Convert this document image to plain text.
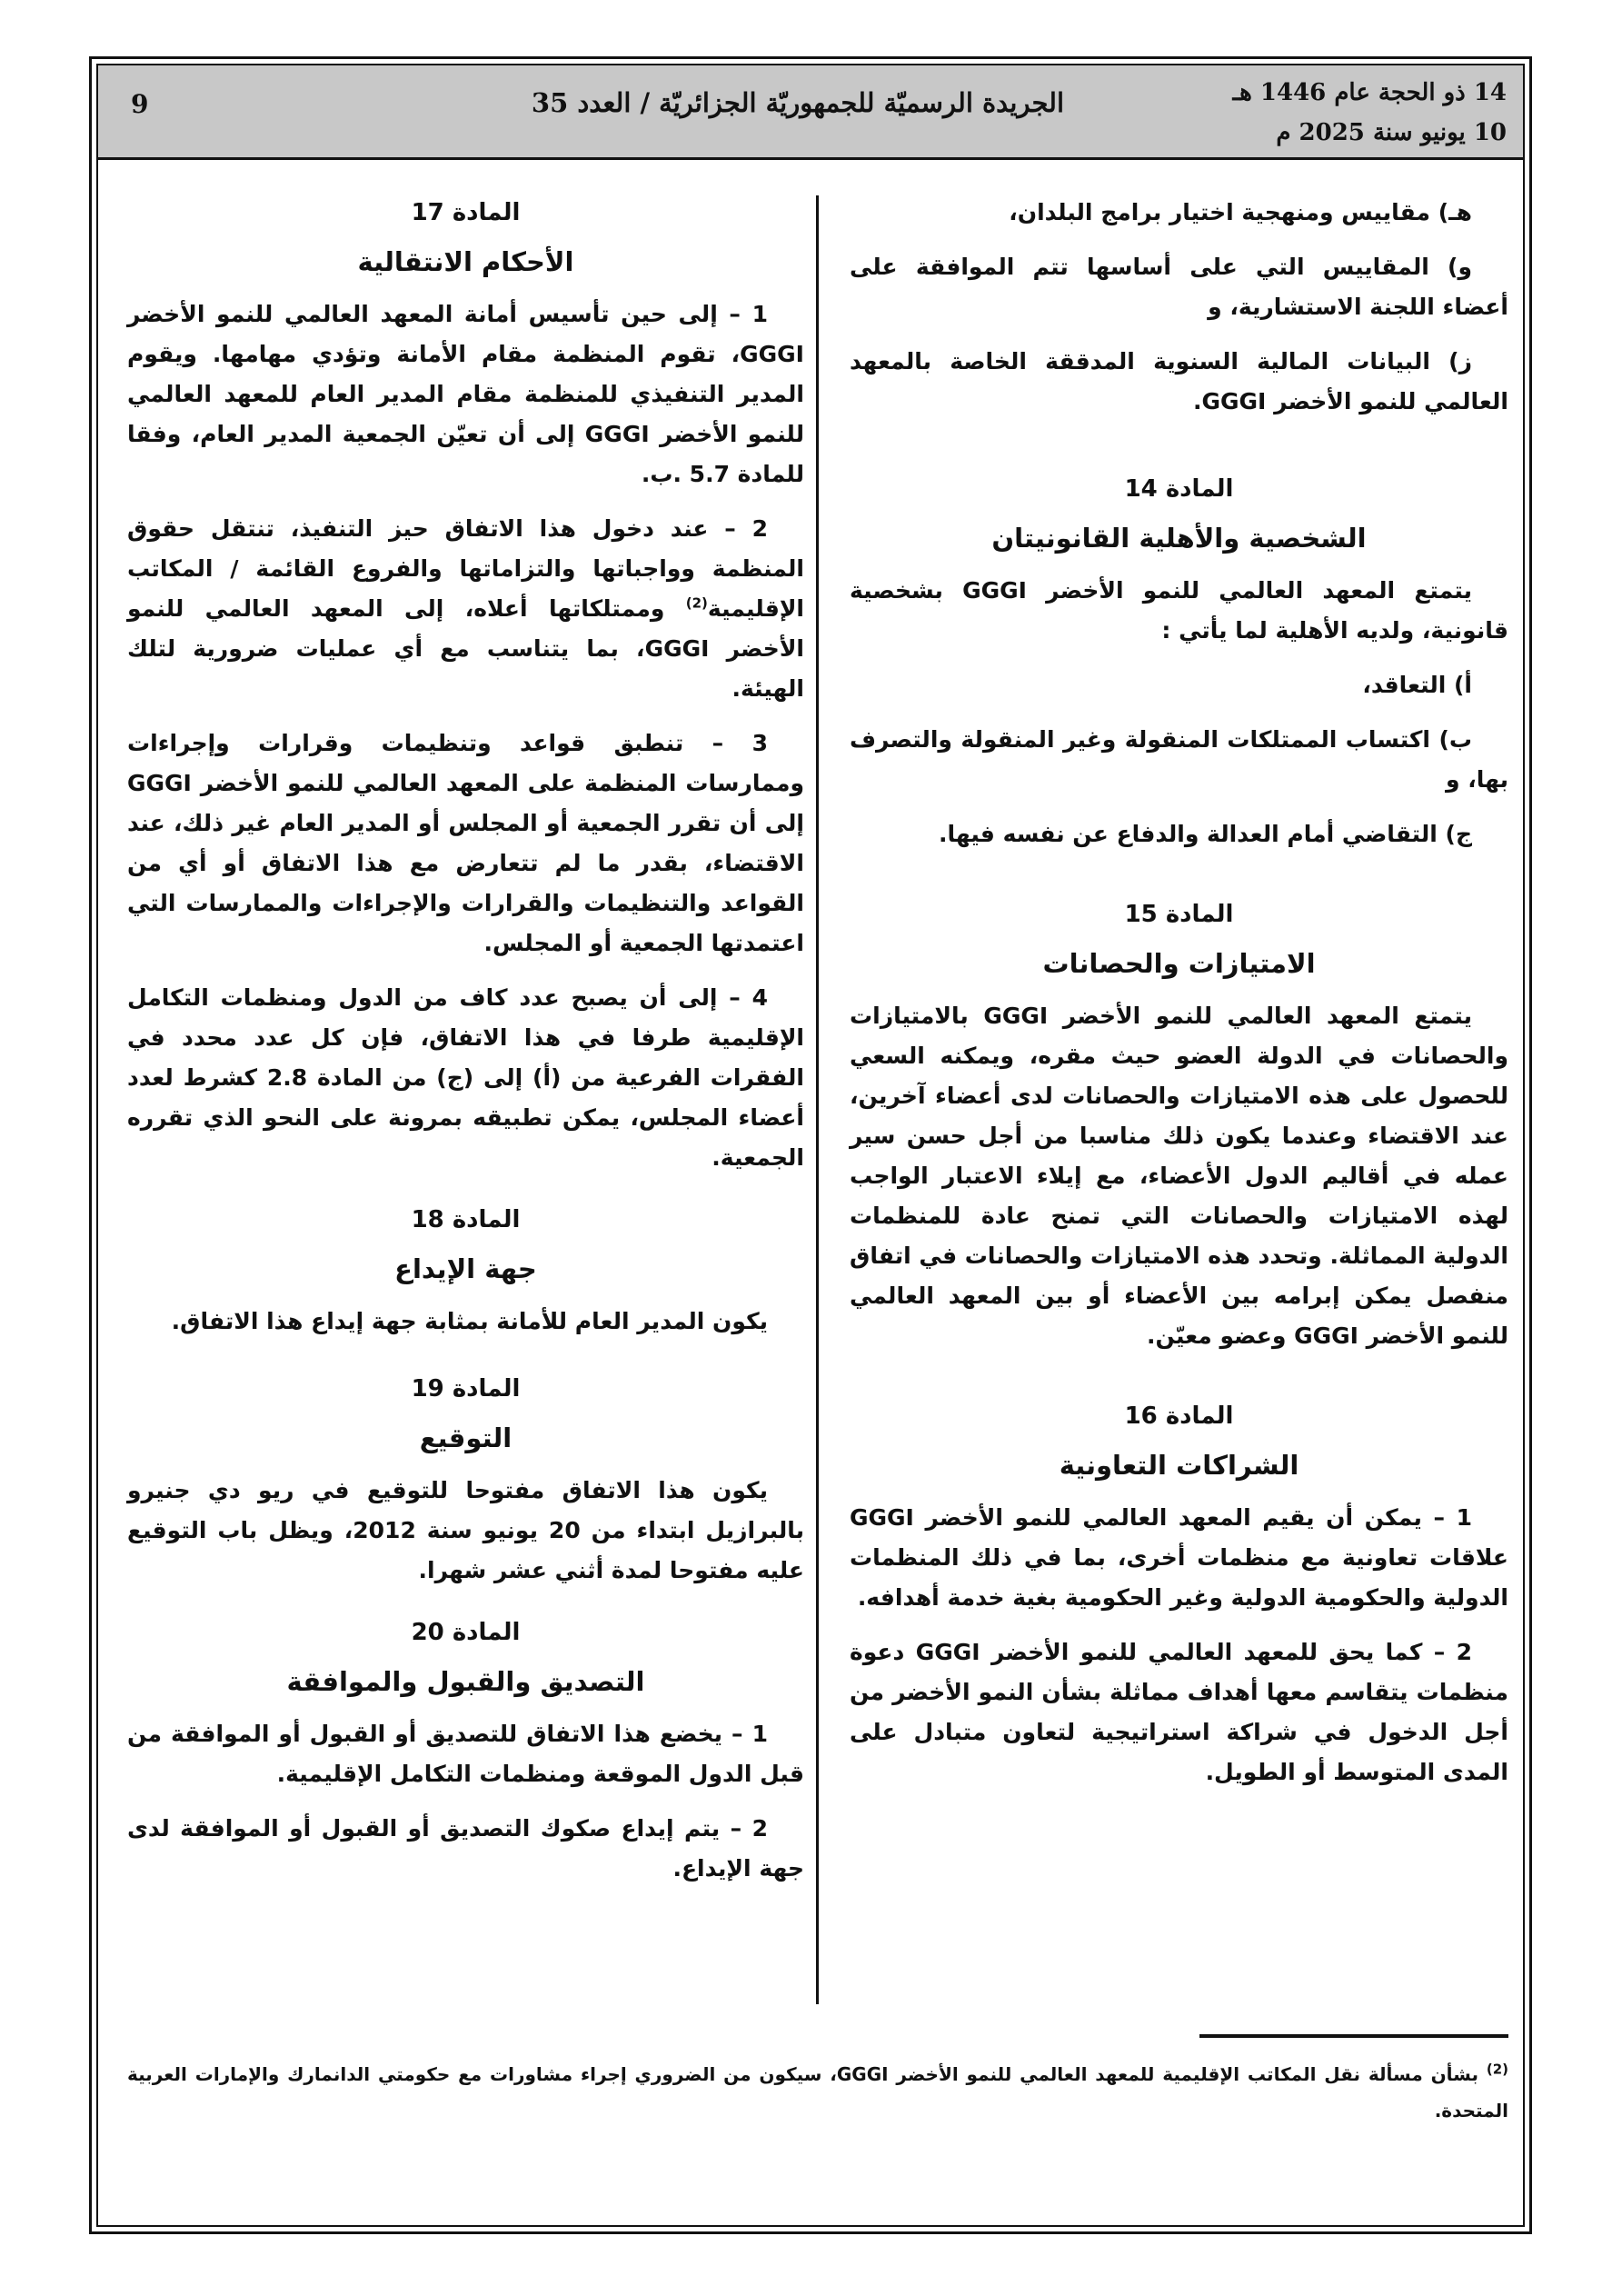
14 ذو الحجة عام 1446 هـ
10 يونيو سنة 2025 م
الجريدة الرسميّة للجمهوريّة الجزائريّة / العدد 35
9

هـ) مقاييس ومنهجية اختيار برامج البلدان،

و) المقاييس التي على أساسها تتم الموافقة على أعضاء اللجنة الاستشارية، و

ز) البيانات المالية السنوية المدققة الخاصة بالمعهد العالمي للنمو الأخضر GGGI.

المادة 14
الشخصية والأهلية القانونيتان

يتمتع المعهد العالمي للنمو الأخضر GGGI بشخصية قانونية، ولديه الأهلية لما يأتي :

أ) التعاقد،

ب) اكتساب الممتلكات المنقولة وغير المنقولة والتصرف بها، و

ج) التقاضي أمام العدالة والدفاع عن نفسه فيها.

المادة 15
الامتيازات والحصانات

يتمتع المعهد العالمي للنمو الأخضر GGGI بالامتيازات والحصانات في الدولة العضو حيث مقره، ويمكنه السعي للحصول على هذه الامتيازات والحصانات لدى أعضاء آخرين، عند الاقتضاء وعندما يكون ذلك مناسبا من أجل حسن سير عمله في أقاليم الدول الأعضاء، مع إيلاء الاعتبار الواجب لهذه الامتيازات والحصانات التي تمنح عادة للمنظمات الدولية المماثلة. وتحدد هذه الامتيازات والحصانات في اتفاق منفصل يمكن إبرامه بين الأعضاء أو بين المعهد العالمي للنمو الأخضر GGGI وعضو معيّن.

المادة 16
الشراكات التعاونية

1 – يمكن أن يقيم المعهد العالمي للنمو الأخضر GGGI علاقات تعاونية مع منظمات أخرى، بما في ذلك المنظمات الدولية والحكومية الدولية وغير الحكومية بغية خدمة أهدافه.

2 – كما يحق للمعهد العالمي للنمو الأخضر GGGI دعوة منظمات يتقاسم معها أهداف مماثلة بشأن النمو الأخضر من أجل الدخول في شراكة استراتيجية لتعاون متبادل على المدى المتوسط أو الطويل.

المادة 17
الأحكام الانتقالية

1 – إلى حين تأسيس أمانة المعهد العالمي للنمو الأخضر GGGI، تقوم المنظمة مقام الأمانة وتؤدي مهامها. ويقوم المدير التنفيذي للمنظمة مقام المدير العام للمعهد العالمي للنمو الأخضر GGGI إلى أن تعيّن الجمعية المدير العام، وفقا للمادة 5.7 .ب.

2 – عند دخول هذا الاتفاق حيز التنفيذ، تنتقل حقوق المنظمة وواجباتها والتزاماتها والفروع القائمة / المكاتب الإقليمية$^{(2)}$ وممتلكاتها أعلاه، إلى المعهد العالمي للنمو الأخضر GGGI، بما يتناسب مع أي عمليات ضرورية لتلك الهيئة.

3 – تنطبق قواعد وتنظيمات وقرارات وإجراءات وممارسات المنظمة على المعهد العالمي للنمو الأخضر GGGI إلى أن تقرر الجمعية أو المجلس أو المدير العام غير ذلك، عند الاقتضاء، بقدر ما لم تتعارض مع هذا الاتفاق أو أي من القواعد والتنظيمات والقرارات والإجراءات والممارسات التي اعتمدتها الجمعية أو المجلس.

4 – إلى أن يصبح عدد كاف من الدول ومنظمات التكامل الإقليمية طرفا في هذا الاتفاق، فإن كل عدد محدد في الفقرات الفرعية من (أ) إلى (ج) من المادة 2.8 كشرط لعدد أعضاء المجلس، يمكن تطبيقه بمرونة على النحو الذي تقرره الجمعية.

المادة 18
جهة الإيداع

يكون المدير العام للأمانة بمثابة جهة إيداع هذا الاتفاق.

المادة 19
التوقيع

يكون هذا الاتفاق مفتوحا للتوقيع في ريو دي جنيرو بالبرازيل ابتداء من 20 يونيو سنة 2012، ويظل باب التوقيع عليه مفتوحا لمدة أثني عشر شهرا.

المادة 20
التصديق والقبول والموافقة

1 – يخضع هذا الاتفاق للتصديق أو القبول أو الموافقة من قبل الدول الموقعة ومنظمات التكامل الإقليمية.

2 – يتم إيداع صكوك التصديق أو القبول أو الموافقة لدى جهة الإيداع.

$^{(2)}$ بشأن مسألة نقل المكاتب الإقليمية للمعهد العالمي للنمو الأخضر GGGI، سيكون من الضروري إجراء مشاورات مع حكومتي الدانمارك والإمارات العربية المتحدة.
